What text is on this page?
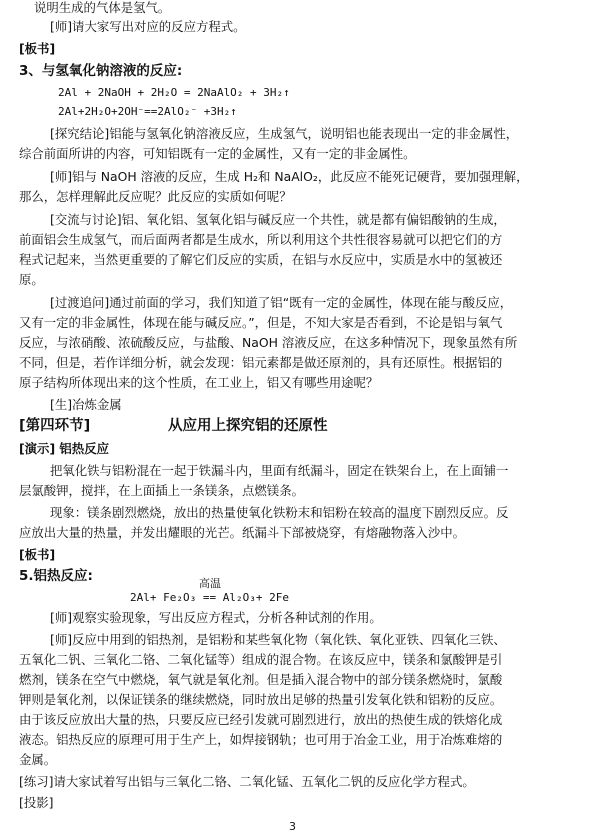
说明生成的气体是氢气。
[师]请大家写出对应的反应方程式。
[板书]
3、与氢氧化钠溶液的反应:
2Al + 2NaOH + 2H₂O = 2NaAlO₂ + 3H₂↑
2Al+2H₂O+2OH⁻==2AlO₂⁻ +3H₂↑
[探究结论]铝能与氢氧化钠溶液反应，生成氢气，说明铝也能表现出一定的非金属性，
综合前面所讲的内容，可知铝既有一定的金属性，又有一定的非金属性。
[师]铝与 NaOH 溶液的反应，生成 H₂和 NaAlO₂，此反应不能死记硬背，要加强理解，
那么，怎样理解此反应呢？此反应的实质如何呢？
[交流与讨论]铝、氧化铝、氢氧化铝与碱反应一个共性，就是都有偏铝酸钠的生成，
前面铝会生成氢气，而后面两者都是生成水，所以利用这个共性很容易就可以把它们的方
程式记起来，当然更重要的了解它们反应的实质，在铝与水反应中，实质是水中的氢被还
原。
[过渡追问]通过前面的学习，我们知道了铝“既有一定的金属性，体现在能与酸反应，
又有一定的非金属性，体现在能与碱反应。”，但是，不知大家是否看到，不论是铝与氧气
反应，与浓硝酸、浓硫酸反应，与盐酸、NaOH 溶液反应，在这多种情况下，现象虽然有所
不同，但是，若作详细分析，就会发现：铝元素都是做还原剂的，具有还原性。根据铝的
原子结构所体现出来的这个性质，在工业上，铝又有哪些用途呢？
[生]冶炼金属
[第四环节]	从应用上探究铝的还原性
[演示] 铝热反应
把氧化铁与铝粉混在一起于铁漏斗内，里面有纸漏斗，固定在铁架台上，在上面铺一
层氯酸钾，搅拌，在上面插上一条镁条，点燃镁条。
现象：镁条剧烈燃烧，放出的热量使氧化铁粉末和铝粉在较高的温度下剧烈反应。反
应放出大量的热量，并发出耀眼的光芒。纸漏斗下部被烧穿，有熔融物落入沙中。
[板书]
5.铝热反应:	高温
2Al+ Fe₂O₃ == Al₂O₃+ 2Fe
[师]观察实验现象，写出反应方程式，分析各种试剂的作用。
[师]反应中用到的铝热剂，是铝粉和某些氧化物（氧化铁、氧化亚铁、四氧化三铁、
五氧化二钒、三氧化二铬、二氧化锰等）组成的混合物。在该反应中，镁条和氯酸钾是引
燃剂，镁条在空气中燃烧，氧气就是氧化剂。但是插入混合物中的部分镁条燃烧时，氯酸
钾则是氧化剂，以保证镁条的继续燃烧，同时放出足够的热量引发氧化铁和铝粉的反应。
由于该反应放出大量的热，只要反应已经引发就可剧烈进行，放出的热使生成的铁熔化成
液态。铝热反应的原理可用于生产上，如焊接钢轨；也可用于冶金工业，用于冶炼难熔的
金属。
[练习]请大家试着写出铝与三氧化二铬、二氧化锰、五氧化二钒的反应化学方程式。
[投影]
3
